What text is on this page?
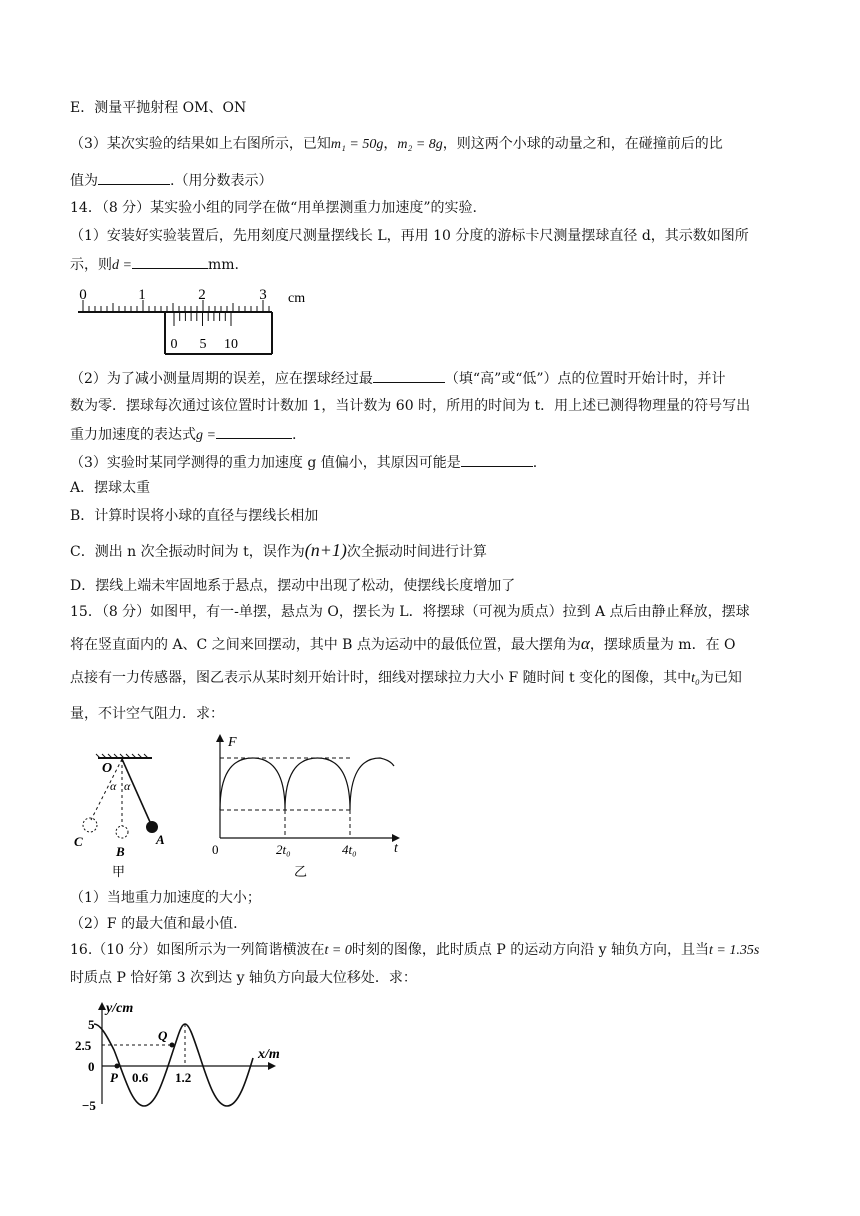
E．测量平抛射程 OM、ON
（3）某次实验的结果如上右图所示，已知m₁ = 50g，m₂ = 8g，则这两个小球的动量之和，在碰撞前后的比
值为	.（用分数表示）
14．（8 分）某实验小组的同学在做“用单摆测重力加速度”的实验.
（1）安装好实验装置后，先用刻度尺测量摆线长 L，再用 10 分度的游标卡尺测量摆球直径 d，其示数如图所
示，则d =	mm.
0	1	2	3 cm
0 5 10
（2）为了减小测量周期的误差，应在摆球经过最	（填“高”或“低”）点的位置时开始计时，并计
数为零．摆球每次通过该位置时计数加 1，当计数为 60 时，所用的时间为 t．用上述已测得物理量的符号写出
重力加速度的表达式g =	.
（3）实验时某同学测得的重力加速度 g 值偏小，其原因可能是	.
A．摆球太重
B．计算时误将小球的直径与摆线长相加
C．测出 n 次全振动时间为 t，误作为(n+1)次全振动时间进行计算
D．摆线上端未牢固地系于悬点，摆动中出现了松动，使摆线长度增加了
15．（8 分）如图甲，有一-单摆，悬点为 O，摆长为 L．将摆球（可视为质点）拉到 A 点后由静止释放，摆球
将在竖直面内的 A、C 之间来回摆动，其中 B 点为运动中的最低位置，最大摆角为α，摆球质量为 m．在 O
点接有一力传感器，图乙表示从某时刻开始计时，细线对摆球拉力大小 F 随时间 t 变化的图像，其中t₀为已知
量，不计空气阻力．求：
O
α α
A
B
C
甲
F
t
0	2t₀	4t₀
乙
（1）当地重力加速度的大小；
（2）F 的最大值和最小值.
16.（10 分）如图所示为一列简谐横波在t = 0时刻的图像，此时质点 P 的运动方向沿 y 轴负方向，且当t = 1.35s
时质点 P 恰好第 3 次到达 y 轴负方向最大位移处．求：
y/cm
x/m
5
2.5
0
−5
0.6 1.2
P
Q
